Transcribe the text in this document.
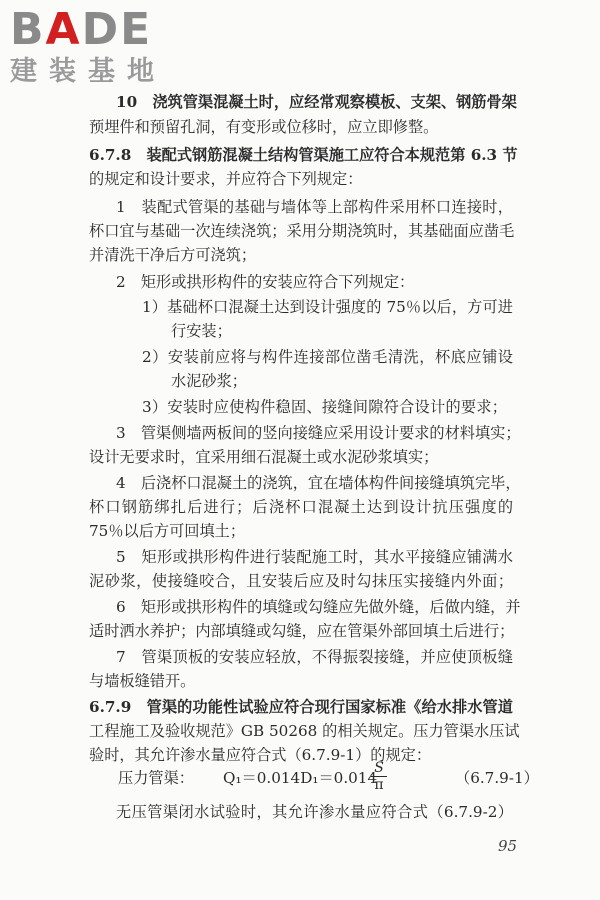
BADE
建装基地
10　浇筑管渠混凝土时，应经常观察模板、支架、钢筋骨架
预埋件和预留孔洞，有变形或位移时，应立即修整。
6.7.8　装配式钢筋混凝土结构管渠施工应符合本规范第 6.3 节
的规定和设计要求，并应符合下列规定：
1　装配式管渠的基础与墙体等上部构件采用杯口连接时，
杯口宜与基础一次连续浇筑；采用分期浇筑时，其基础面应凿毛
并清洗干净后方可浇筑；
2　矩形或拱形构件的安装应符合下列规定：
1）基础杯口混凝土达到设计强度的 75％以后，方可进
行安装；
2）安装前应将与构件连接部位凿毛清洗，杯底应铺设
水泥砂浆；
3）安装时应使构件稳固、接缝间隙符合设计的要求；
3　管渠侧墙两板间的竖向接缝应采用设计要求的材料填实；
设计无要求时，宜采用细石混凝土或水泥砂浆填实；
4　后浇杯口混凝土的浇筑，宜在墙体构件间接缝填筑完毕，
杯口钢筋绑扎后进行；后浇杯口混凝土达到设计抗压强度的
75％以后方可回填土；
5　矩形或拱形构件进行装配施工时，其水平接缝应铺满水
泥砂浆，使接缝咬合，且安装后应及时勾抹压实接缝内外面；
6　矩形或拱形构件的填缝或勾缝应先做外缝，后做内缝，并
适时洒水养护；内部填缝或勾缝，应在管渠外部回填土后进行；
7　管渠顶板的安装应轻放，不得振裂接缝，并应使顶板缝
与墙板缝错开。
6.7.9　管渠的功能性试验应符合现行国家标准《给水排水管道
工程施工及验收规范》GB 50268 的相关规定。压力管渠水压试
验时，其允许渗水量应符合式（6.7.9-1）的规定：
无压管渠闭水试验时，其允许渗水量应符合式（6.7.9-2）
压力管渠： Q₁＝0.014D₁＝0.014
$\frac{S}{\pi}$	（6.7.9-1）
95
